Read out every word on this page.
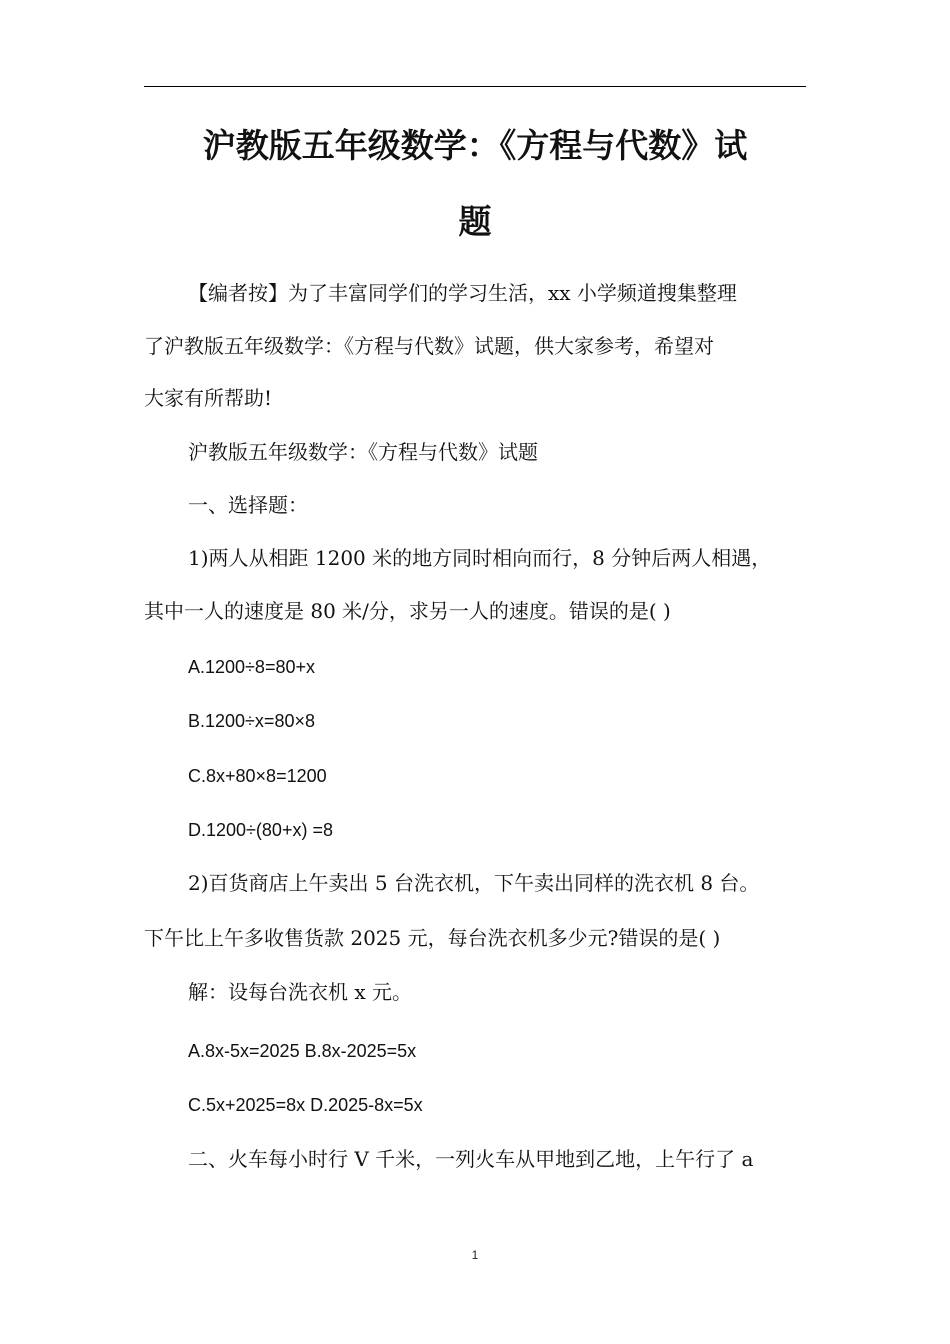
沪教版五年级数学：《方程与代数》试
题

【编者按】为了丰富同学们的学习生活，xx 小学频道搜集整理

了沪教版五年级数学：《方程与代数》试题，供大家参考，希望对

大家有所帮助!

沪教版五年级数学：《方程与代数》试题

一、选择题：

1)两人从相距 1200 米的地方同时相向而行，8 分钟后两人相遇，

其中一人的速度是 80 米/分，求另一人的速度。错误的是( )

A.1200÷8=80+x

B.1200÷x=80×8

C.8x+80×8=1200

D.1200÷(80+x) =8

2)百货商店上午卖出 5 台洗衣机，下午卖出同样的洗衣机 8 台。

下午比上午多收售货款 2025 元，每台洗衣机多少元?错误的是( )

解：设每台洗衣机 x 元。

A.8x-5x=2025 B.8x-2025=5x

C.5x+2025=8x D.2025-8x=5x

二、火车每小时行 V 千米，一列火车从甲地到乙地，上午行了 a

1
